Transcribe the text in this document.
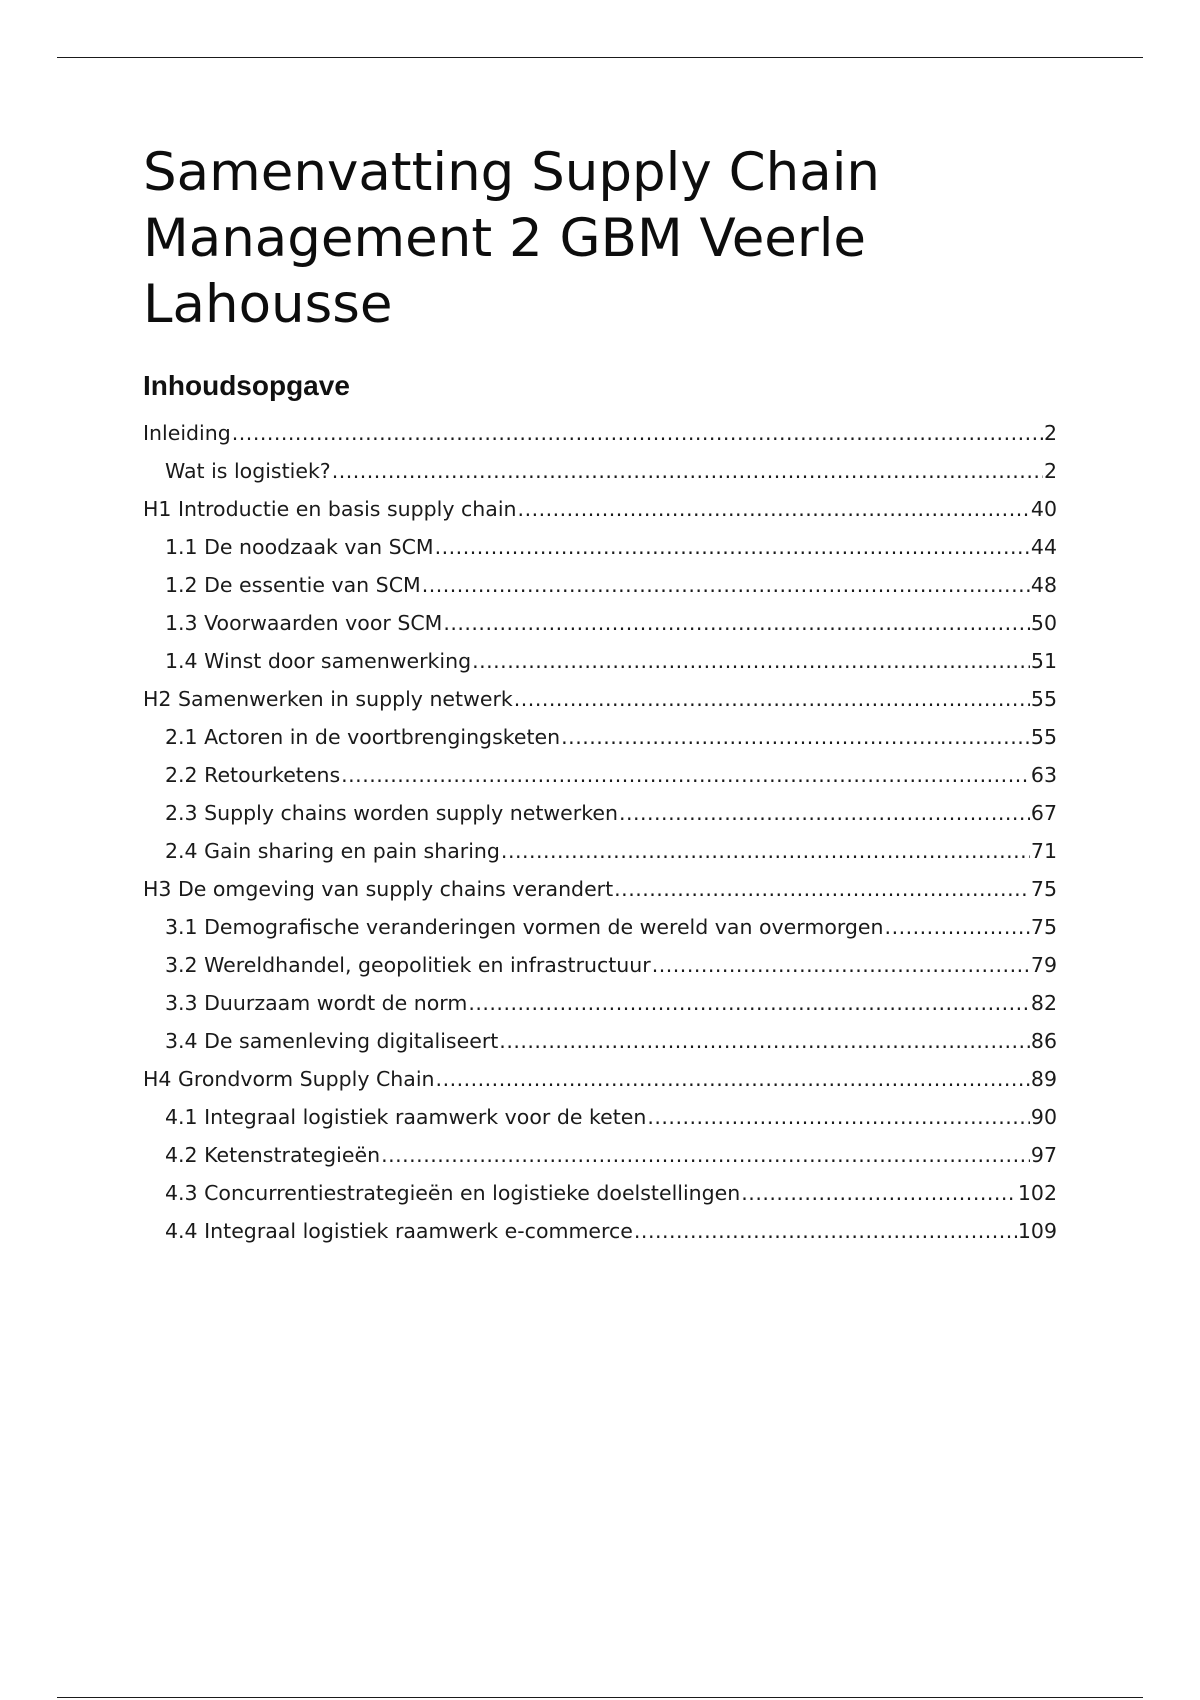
Samenvatting Supply Chain Management 2 GBM Veerle Lahousse
Inhoudsopgave
Inleiding .....	2
Wat is logistiek? .....	2
H1 Introductie en basis supply chain .....	40
1.1 De noodzaak van SCM .....	44
1.2 De essentie van SCM .....	48
1.3 Voorwaarden voor SCM .....	50
1.4 Winst door samenwerking .....	51
H2 Samenwerken in supply netwerk .....	55
2.1 Actoren in de voortbrengingsketen .....	55
2.2 Retourketens .....	63
2.3 Supply chains worden supply netwerken .....	67
2.4 Gain sharing en pain sharing .....	71
H3 De omgeving van supply chains verandert .....	75
3.1 Demografische veranderingen vormen de wereld van overmorgen .....	75
3.2 Wereldhandel, geopolitiek en infrastructuur .....	79
3.3 Duurzaam wordt de norm .....	82
3.4 De samenleving digitaliseert .....	86
H4 Grondvorm Supply Chain .....	89
4.1 Integraal logistiek raamwerk voor de keten .....	90
4.2 Ketenstrategieën .....	97
4.3 Concurrentiestrategieën en logistieke doelstellingen .....	102
4.4 Integraal logistiek raamwerk e-commerce .....	109
